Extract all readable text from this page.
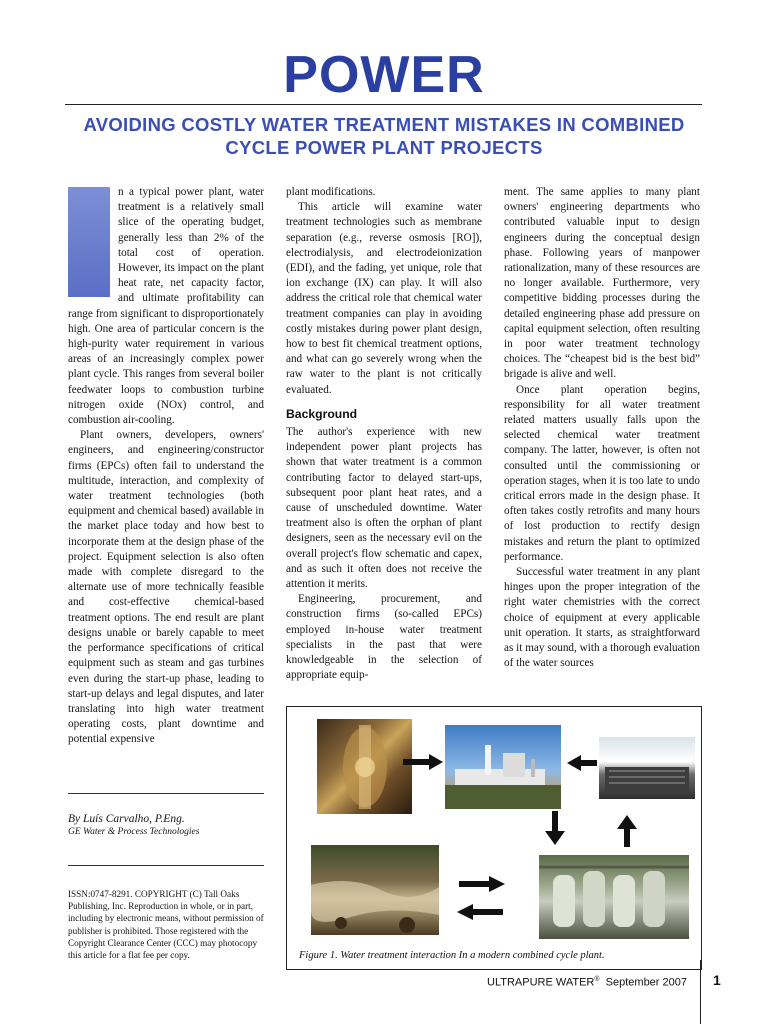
POWER
AVOIDING COSTLY WATER TREATMENT MISTAKES IN COMBINED CYCLE POWER PLANT PROJECTS

n a typical power plant, water treatment is a relatively small slice of the operating budget, generally less than 2% of the total cost of operation. However, its impact on the plant heat rate, net capacity factor, and ultimate profitability can range from significant to disproportionately high. One area of particular concern is the high-purity water requirement in various areas of an increasingly complex power plant cycle. This ranges from several boiler feedwater loops to combustion turbine nitrogen oxide (NOx) control, and combustion air-cooling.

Plant owners, developers, owners' engineers, and engineering/constructor firms (EPCs) often fail to understand the multitude, interaction, and complexity of water treatment technologies (both equipment and chemical based) available in the market place today and how best to incorporate them at the design phase of the project. Equipment selection is also often made with complete disregard to the alternate use of more technically feasible and cost-effective chemical-based treatment options. The end result are plant designs unable or barely capable to meet the performance specifications of critical equipment such as steam and gas turbines even during the start-up phase, leading to start-up delays and legal disputes, and later translating into high water treatment operating costs, plant downtime and potential expensive

plant modifications.

This article will examine water treatment technologies such as membrane separation (e.g., reverse osmosis [RO]), electrodialysis, and electrodeionization (EDI), and the fading, yet unique, role that ion exchange (IX) can play. It will also address the critical role that chemical water treatment companies can play in avoiding costly mistakes during power plant design, how to best fit chemical treatment options, and what can go severely wrong when the raw water to the plant is not critically evaluated.

Background

The author's experience with new independent power plant projects has shown that water treatment is a common contributing factor to delayed start-ups, subsequent poor plant heat rates, and a cause of unscheduled downtime. Water treatment also is often the orphan of plant designers, seen as the necessary evil on the overall project's flow schematic and capex, and as such it often does not receive the attention it merits.

Engineering, procurement, and construction firms (so-called EPCs) employed in-house water treatment specialists in the past that were knowledgeable in the selection of appropriate equip-

ment. The same applies to many plant owners' engineering departments who contributed valuable input to design engineers during the conceptual design phase. Following years of manpower rationalization, many of these resources are no longer available. Furthermore, very competitive bidding processes during the detailed engineering phase add pressure on capital equipment selection, often resulting in poor water treatment technology choices. The “cheapest bid is the best bid” brigade is alive and well.

Once plant operation begins, responsibility for all water treatment related matters usually falls upon the selected chemical water treatment company. The latter, however, is often not consulted until the commissioning or operation stages, when it is too late to undo critical errors made in the design phase. It often takes costly retrofits and many hours of lost production to rectify design mistakes and return the plant to optimized performance.

Successful water treatment in any plant hinges upon the proper integration of the right water chemistries with the correct choice of equipment at every applicable unit operation. It starts, as straightforward as it may sound, with a thorough evaluation of the water sources

By Luís Carvalho, P.Eng.
GE Water & Process Technologies
ISSN:0747-8291. COPYRIGHT (C) Tall Oaks Publishing, Inc. Reproduction in whole, or in part, including by electronic means, without permission of publisher is prohibited. Those registered with the Copyright Clearance Center (CCC) may photocopy this article for a flat fee per copy.	Figure 1. Water treatment interaction In a modern combined cycle plant.
ULTRAPURE WATER® September 2007 1
